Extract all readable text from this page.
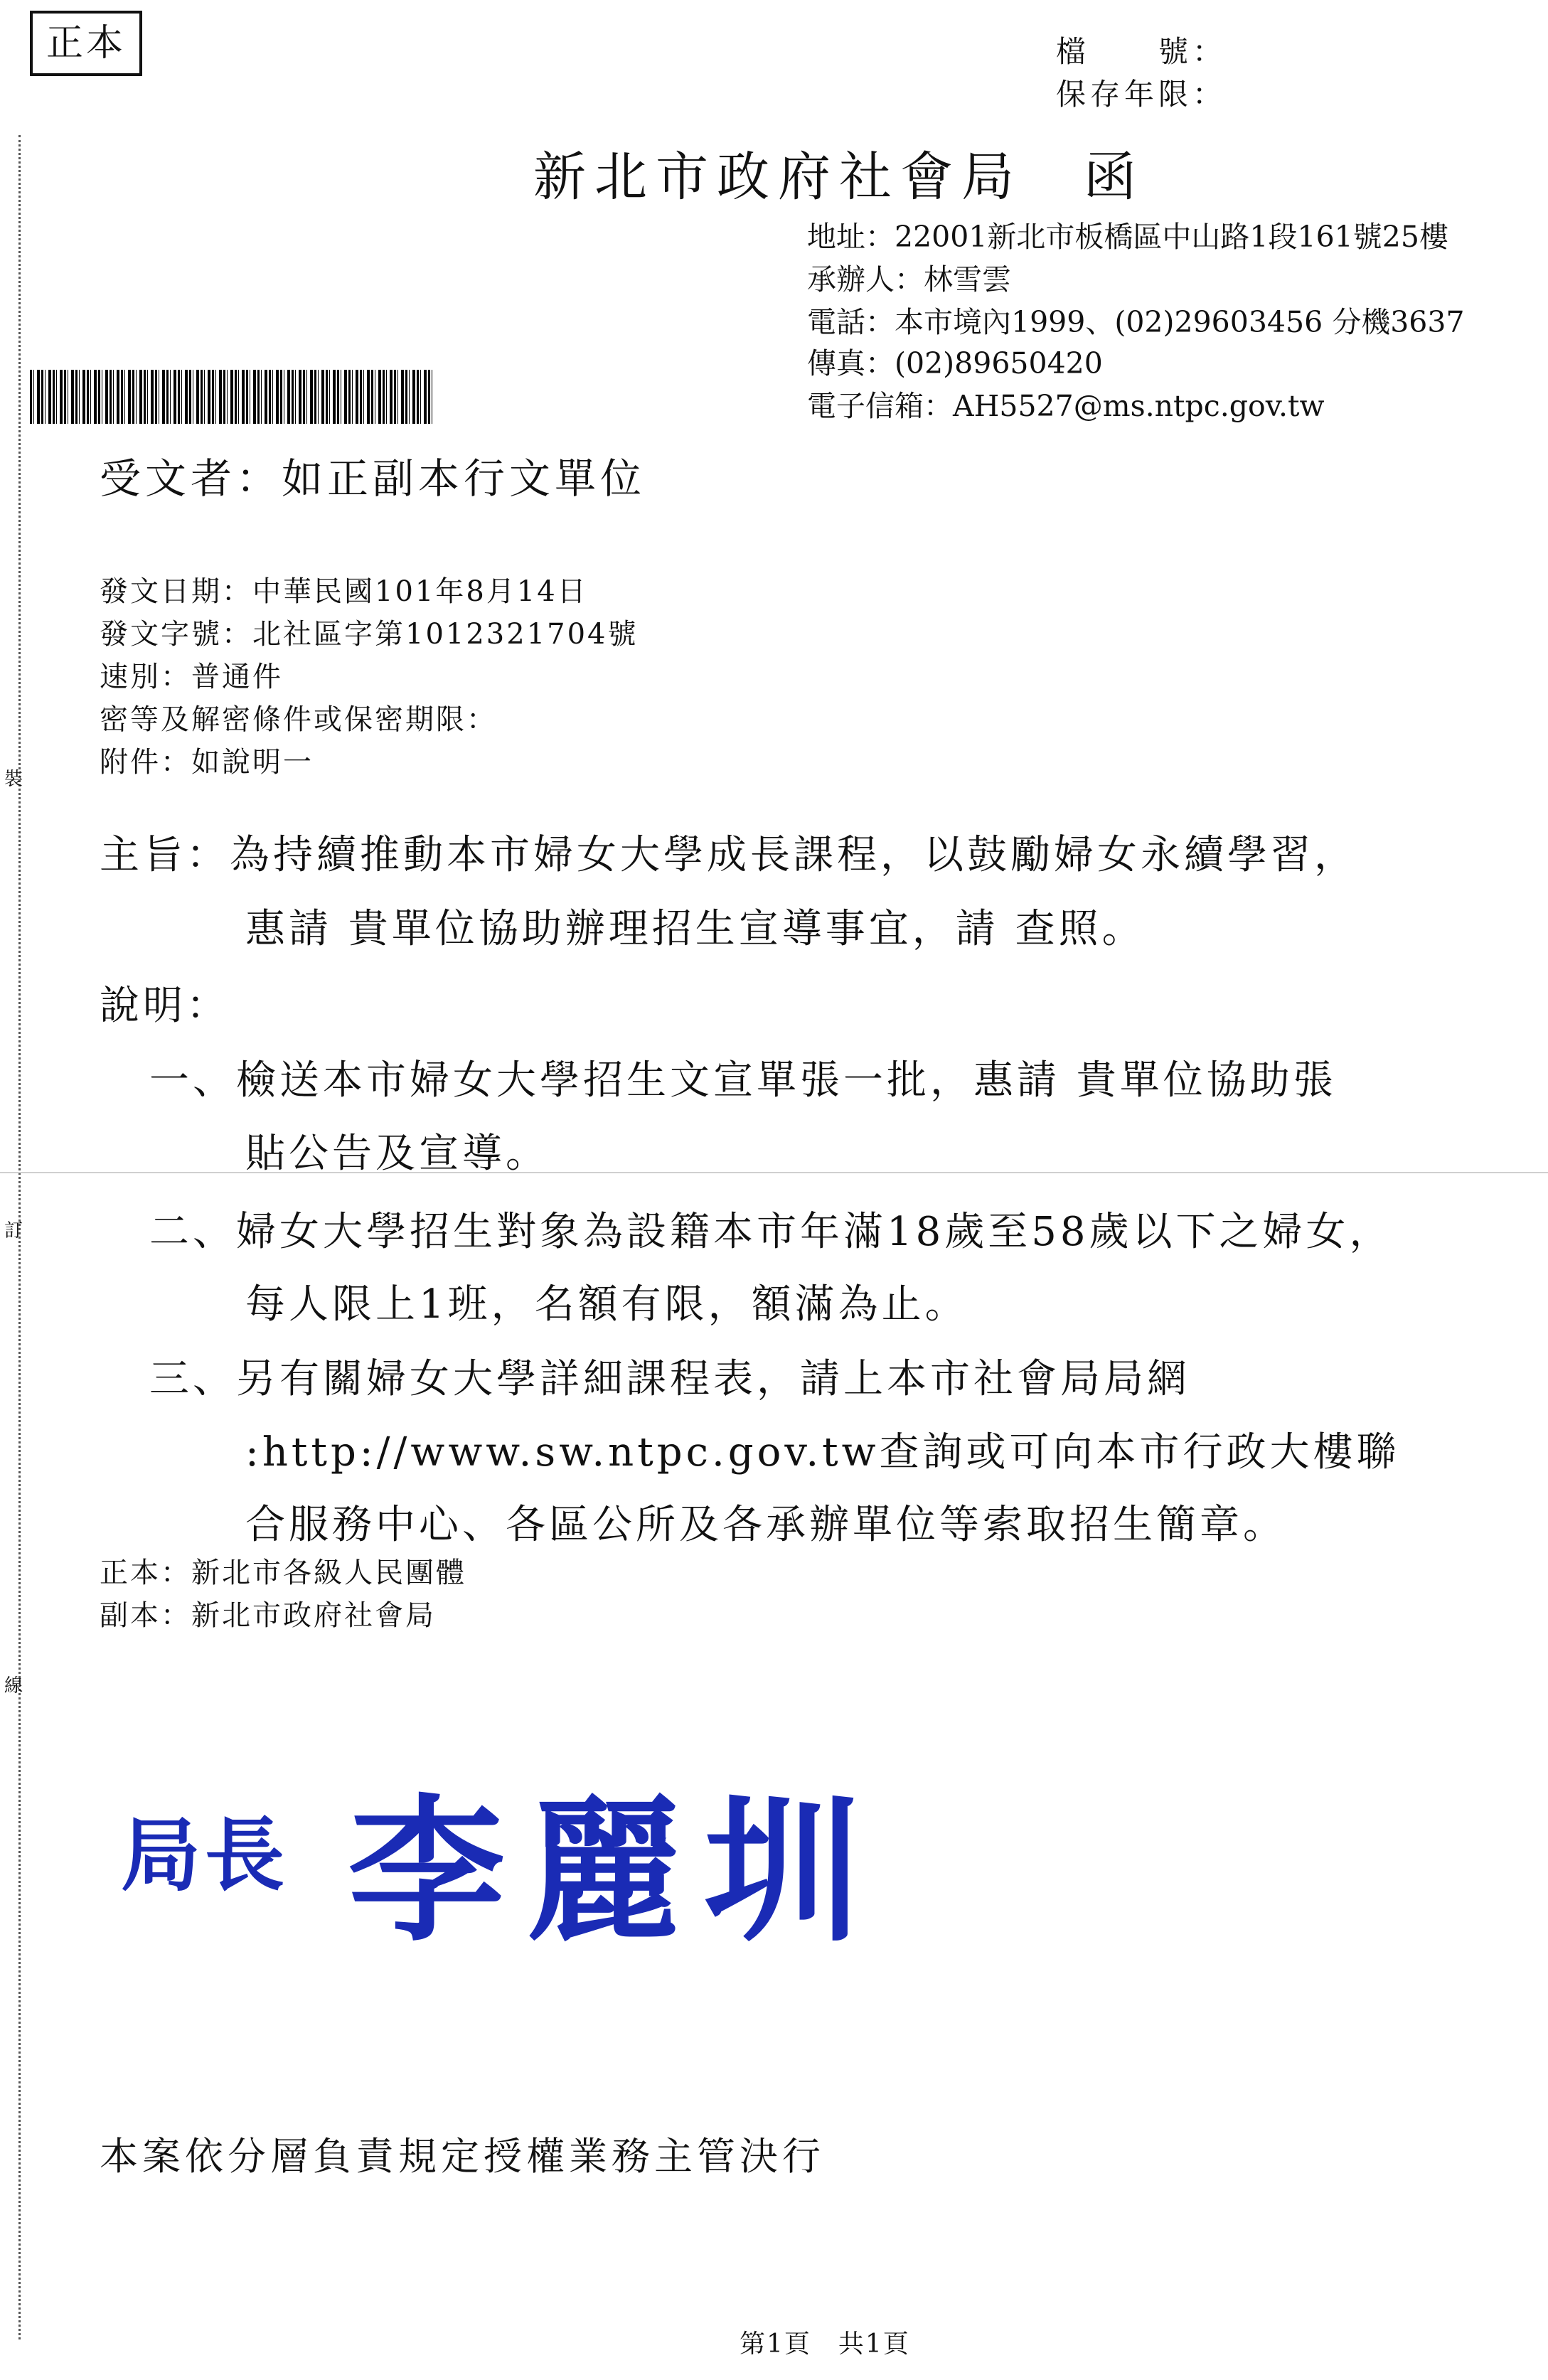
裝
訂
線
正本	檔　　號：
保存年限：
新北市政府社會局　函
地址：22001新北市板橋區中山路1段161號25樓
承辦人：林雪雲
電話：本市境內1999、(02)29603456 分機3637
傳真：(02)89650420
電子信箱：AH5527@ms.ntpc.gov.tw
受文者：如正副本行文單位
發文日期：中華民國101年8月14日
發文字號：北社區字第1012321704號
速別：普通件
密等及解密條件或保密期限：
附件：如說明一
主旨：為持續推動本市婦女大學成長課程，以鼓勵婦女永續學習，
惠請 貴單位協助辦理招生宣導事宜，請 查照。
說明：
一、檢送本市婦女大學招生文宣單張一批，惠請 貴單位協助張
貼公告及宣導。
二、婦女大學招生對象為設籍本市年滿18歲至58歲以下之婦女，
每人限上1班，名額有限，額滿為止。
三、另有關婦女大學詳細課程表，請上本市社會局局網
:http://www.sw.ntpc.gov.tw查詢或可向本市行政大樓聯
合服務中心、各區公所及各承辦單位等索取招生簡章。
正本：新北市各級人民團體
副本：新北市政府社會局
局長 李麗圳
本案依分層負責規定授權業務主管決行
第1頁　共1頁
